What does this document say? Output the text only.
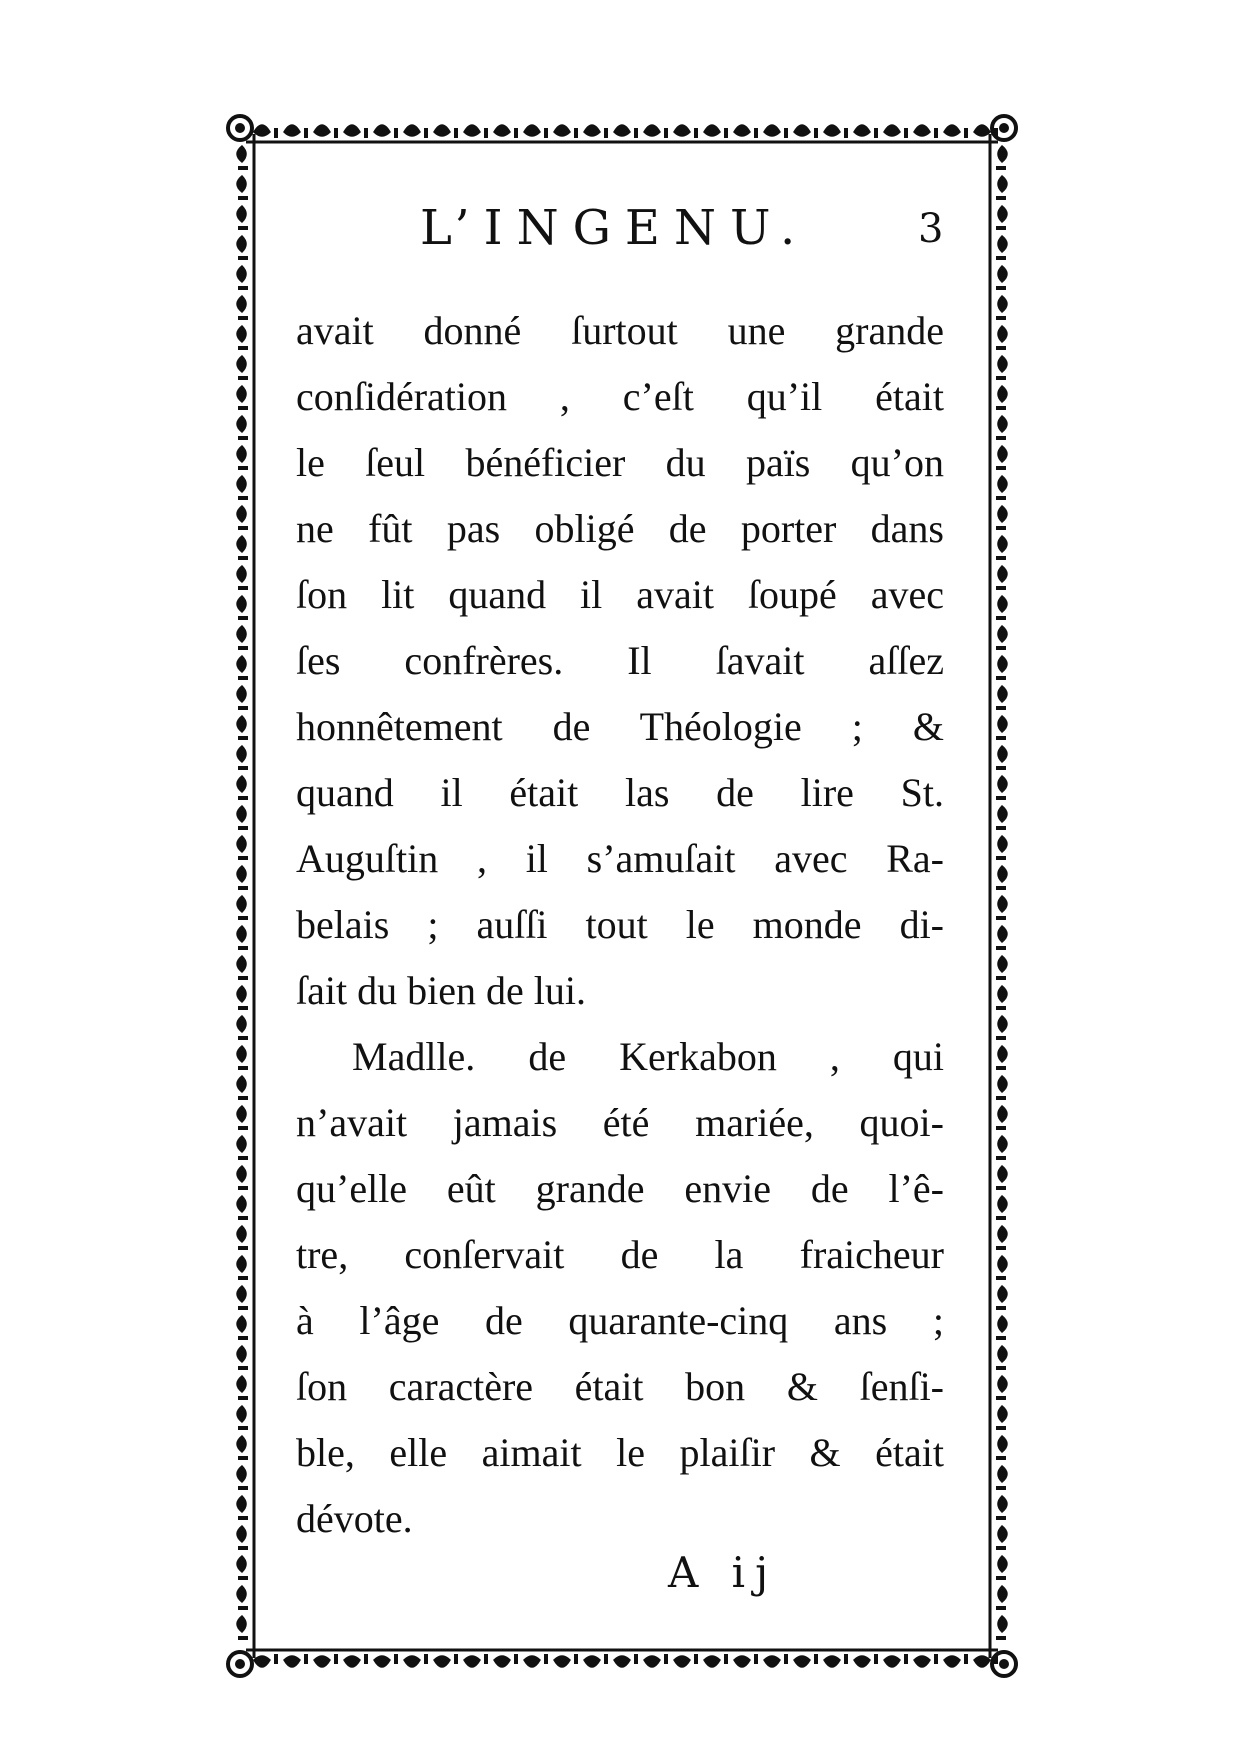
L’INGENU.	3
avait donné ſurtout une grande
conſidération , c’eſt qu’il était
le ſeul bénéficier du païs qu’on
ne fût pas obligé de porter dans
ſon lit quand il avait ſoupé avec
ſes confrères. Il ſavait aſſez
honnêtement de Théologie ; &
quand il était las de lire St.
Auguſtin , il s’amuſait avec Ra-
belais ; auſſi tout le monde di-
ſait du bien de lui.
Madlle. de Kerkabon , qui
n’avait jamais été mariée, quoi-
qu’elle eût grande envie de l’ê-
tre, conſervait de la fraicheur
à l’âge de quarante-cinq ans ;
ſon caractère était bon & ſenſi-
ble, elle aimait le plaiſir & était
dévote.
A ij
